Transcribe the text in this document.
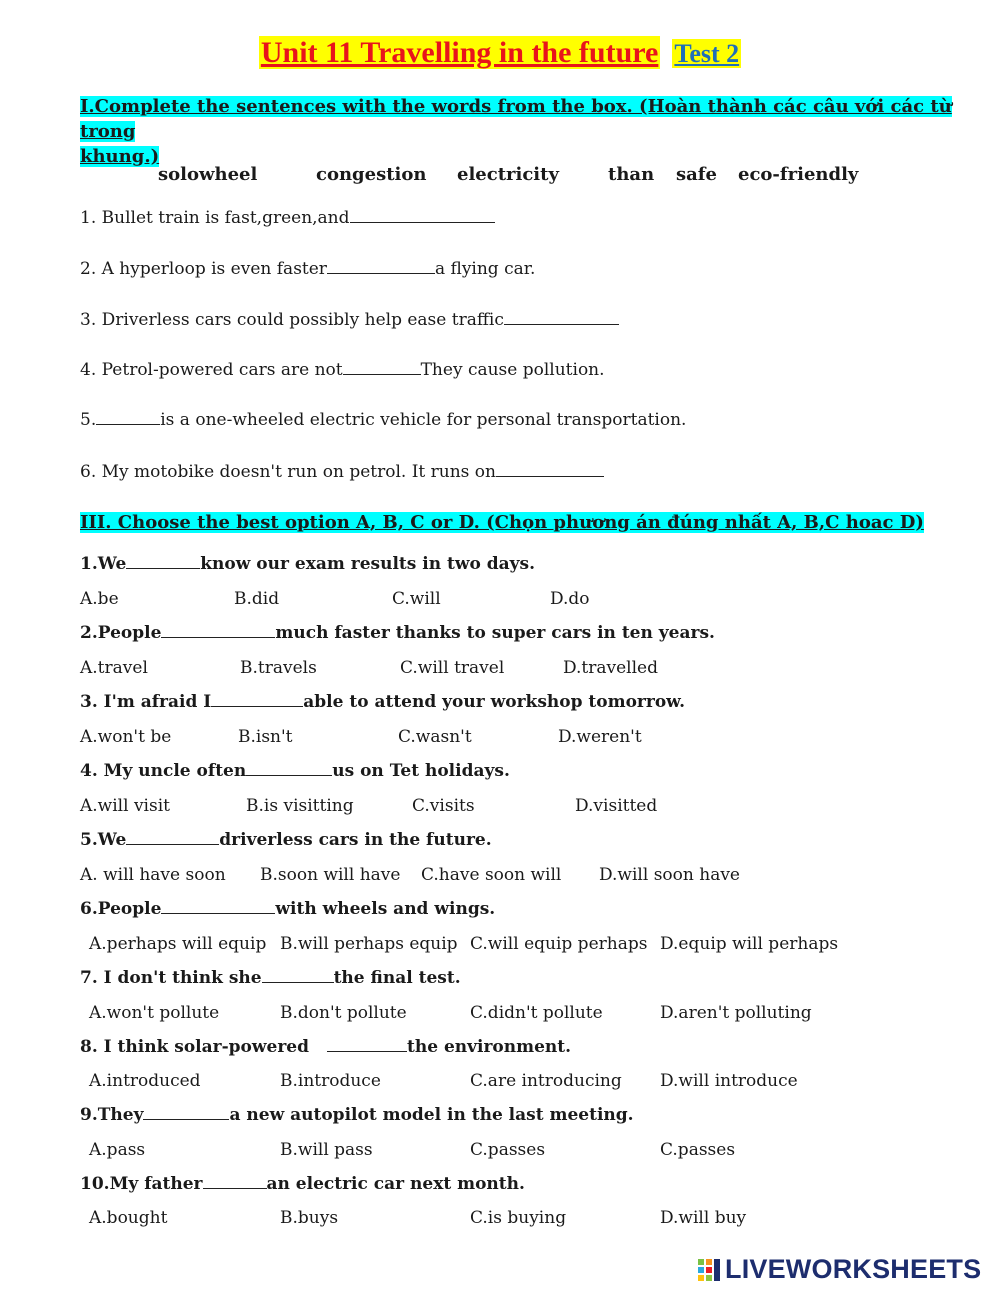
Unit 11 Travelling in the future Test 2
I.Complete the sentences with the words from the box. (Hoàn thành các câu với các từ trong
khung.)
solowheel	congestion electricity	than safe eco-friendly
1. Bullet train is fast,green,and
2. A hyperloop is even faster	a flying car.
3. Driverless cars could possibly help ease traffic
4. Petrol-powered cars are not	They cause pollution.
5.	is a one-wheeled electric vehicle for personal transportation.
6. My motobike doesn't run on petrol. It runs on
III. Choose the best option A, B, C or D. (Chọn phương án đúng nhất A, B,C hoac D)
1.We	know our exam results in two days.
A.be	B.did	C.will	D.do
2.People	much faster thanks to super cars in ten years.
A.travel	B.travels	C.will travel	D.travelled
3. I'm afraid I	able to attend your workshop tomorrow.
A.won't be	B.isn't	C.wasn't	D.weren't
4. My uncle often	us on Tet holidays.
A.will visit	B.is visitting	C.visits	D.visitted
5.We	driverless cars in the future.
A. will have soon B.soon will have C.have soon will D.will soon have
6.People	with wheels and wings.
A.perhaps will equip B.will perhaps equip C.will equip perhaps D.equip will perhaps
7. I don't think she	the final test.
A.won't pollute	B.don't pollute	C.didn't pollute	D.aren't polluting
8. I think solar-powered	the environment.
A.introduced	B.introduce	C.are introducing D.will introduce
9.They	a new autopilot model in the last meeting.
A.pass	B.will pass	C.passes	C.passes
10.My father	an electric car next month.
A.bought	B.buys	C.is buying	D.will buy
LIVEWORKSHEETS
